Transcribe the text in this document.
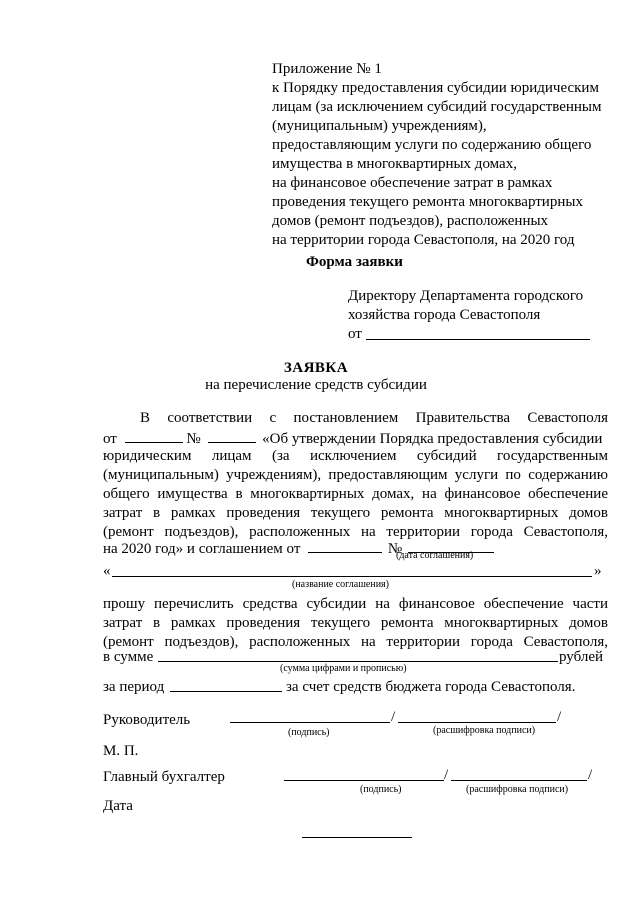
Приложение № 1
к Порядку предоставления субсидии юридическим
лицам (за исключением субсидий государственным
(муниципальным) учреждениям),
предоставляющим услуги по содержанию общего
имущества в многоквартирных домах,
на финансовое обеспечение затрат в рамках
проведения текущего ремонта многоквартирных
домов (ремонт подъездов), расположенных
на территории города Севастополя, на 2020 год
Форма заявки
Директору Департамента городского
хозяйства города Севастополя
от
ЗАЯВКА
на перечисление средств субсидии
В соответствии с постановлением Правительства Севастополя
от	№	«Об утверждении Порядка предоставления субсидии
юридическим лицам (за исключением субсидий государственным
(муниципальным) учреждениям), предоставляющим услуги по содержанию
общего имущества в многоквартирных домах, на финансовое обеспечение
затрат в рамках проведения текущего ремонта многоквартирных домов
(ремонт подъездов), расположенных на территории города Севастополя,
на 2020 год» и соглашением от	№
(дата соглашения)
«	»
(название соглашения)
прошу перечислить средства субсидии на финансовое обеспечение части
затрат в рамках проведения текущего ремонта многоквартирных домов
(ремонт подъездов), расположенных на территории города Севастополя,
в сумме	рублей
(сумма цифрами и прописью)
за период	за счет средств бюджета города Севастополя.
Руководитель	/	/
(подпись)	(расшифровка подписи)
М. П.
Главный бухгалтер	/	/
(подпись)	(расшифровка подписи)
Дата
